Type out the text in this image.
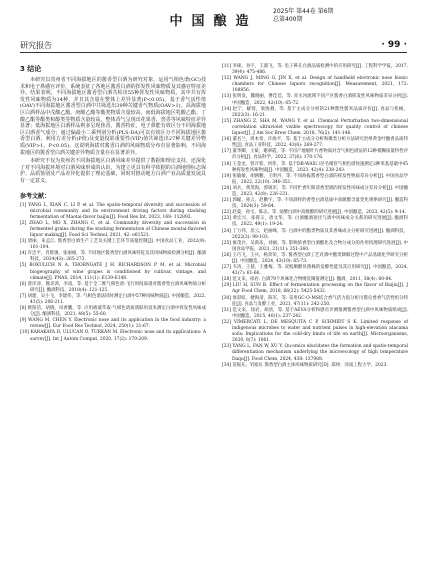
研究报告
中国酿造
2025年 第44卷 第6期
总第400期
· 99 ·
3 结论

本研究以贵州省不同海拔地区的酱香型白酒为研究对象，运用气相色谱(GC)技术和电子鼻感官评价，系统表征了各地区酱香白酒的挥发性风味物质及其感官特征差异。结果表明，不同海拔地区酱香型白酒共检出55种挥发性风味物质，其中共有挥发性风味物质为14种，并且其含量在整体上差异显著(P<0.05)。基于香气活性值(OAV)不同海拔地区酱香型白酒中共筛选出39种关键香气物质(OAV>1)。高海拔地区白酒样品中戊酸乙酯、庚酸乙酯等酯类物质含量较高，而低海拔地区乳酸乙酯、丁酸乙酯等酯类和醇类等物质含量较高。整体香气呈现出花果香、窖香等风味特征差异显著；低海拔地区白酒样品则多呈现焦香、酱香特征。电子鼻能有效区分不同海拔地区白酒香气成分；通过偏最小二乘判别分析(PLS-DA)可以有效区分不同海拔地区酱香型白酒，利用方差分析(P值)及变量投影重要性(VIP)值共筛选出27种关键差异物质(VIP>1，P<0.05)。这说明海拔对酱香白酒的风味物质分布有显著影响，不同海拔地区的酱香型白酒关键差异物质含量存在显著差异。

本研究不仅为贵州省不同海拔地区白酒风味差异提供了数据和理论支持，还深化了对不同海拔环境对白酒风味形成的认识，为建立更具有科学依据的白酒地理标志保护、品质鉴别及产品差异化提供了理论基础，同时对推动地方白酒产业高质量发展具有一定意义。

参考文献：
[1] YANG L, XIAN C, LI P, et al. The spatio-temporal diversity and succession of microbial community and its environment driving factors during stacking fermentation of Maotai-flavor baijiu[J]. Food Res Int, 2023, 169: 112892.
[2] ZHAO L, MO X, ZHANG C, et al. Community diversity and succession in fermented grains during the stacking fermentation of Chinese moutai-flavored liquor making[J]. Food Sci Technol, 2021, 42: e61521.
[3] 唐丽，朱孟江. 酱香型白酒生产工艺及关键工艺环节质量控制[J]. 中国食品工业，2022(9): 101-104.
[4] 许忠平，肖辉强，张丽丽，等. 不同地区酱香型白酒风味特征及其风味物质检测分析[J]. 酿酒科技，2024(43): 265-273.
[5] BOKULICH N A, THORNGATE J H, RICHARDSON P M, et al. Microbial biogeography of wine grapes is conditioned by cultivar, vintage, and climate[J]. PNAS, 2014, 111(1): E139-E148.
[6] 唐洋涛，熊炎鸿，李南，等. 基于全二维气相色谱-飞行时间质谱对酱香型白酒风味物质分析研究[J]. 酿酒科技，2018(4): 121-125.
[7] 胡建，吴小飞，李建伟，等. 气相色谱法同时测定白酒中57种风味物质[J]. 中国酿造，2022, 41(5): 206-211.
[8] 欧阳洁，胡晓，凤香鹏，等. 应用液液萃取-气相色谱质谱联用技术测定白酒中挥发性风味成分[J]. 酿酒科技，2021, 48(5): 55-60.
[9] WANG M, CHEN Y. Electronic nose and its application in the food industry: a review[J]. Eur Food Res Technol, 2024, 250(1): 21-67.
[10] KARAKAYA D, ULUCAN O, TURKAN M. Electronic nose and its applications: A survey[J]. Int J Autom Comput, 2020, 17(2): 179-209.
[11] 李硕，谷宇，王淑飞，等. 电子鼻在白酒品质检测中的应用研究[J]. 工程科学学报，2017, 39(4): 475-486.
[12] WANG J, MING G, JIN X, et al. Design of handheld electronic nose bionic chambers for Chinese liquors recognition[J]. Measurement, 2021, 172: 108856.
[13] 张明发，魏晓丽，曹佳佳，等. 赤水河流域不同产区酱香白酒挥发性风味物质差异分析[J]. 中国酿造，2022, 42(10): 65-72.
[14] 赵宁，解蓉，梁海燕，等. 基于主成分分析的21种酱性酱米品质评价[J]. 食品与机械，2022(3): 16-21.
[15] ZHANG Z, SHA M, WANG Y, et al. Chemical Perturbation two-dimensional correlation ultraviolet visible spectroscopy for quality control of chinese liquor[J]. J Am Soc Brew Chem, 2018, 76(2): 141-146.
[16] 董名兰，周本奏，许海平，等. 基于主成分分析和聚类分析方法研究贵州黄金叶酿香品质特性[J]. 食品工业科技，2022, 43(6): 269-277.
[17] 董华卿，王斌，谢翠霞，等. 不同产地烟叶片香物质对含气相色谱法的12种模糊质量特性评价分析[J]. 食品科学，2022, 37(6): 170-176.
[18] 王金龙，曾开蓉，何伟，等. 基于DB-WAX口径毛细管气相色谱快速测定2种苯基基础中45种挥发性风味物质[J]. 中国酿造，2023, 42(4): 238-243.
[19] 张敏敏，胡鸥鹏，王明丹，等. 不同海拔酱香型白酒的挥发性物质差异分析[J]. 中国食品学报，2022, 22(10): 340-351.
[20] 刘兵，黄茂海，郭锐军，等. 不同贮香年限清香型酒的挥发性风味成分差异分析[J]. 中国酿造，2023, 42(8): 226-231.
[21] 郭嵘，孙云，赵鹏宇，等. 不同酒样的香型白酒基质中高级醇含量变化规律研究[J]. 酿造科技，2024(3): 59-64.
[22] 赵曼，孙宝，陈志，等. 发酵白酒中高级醇的研究进展[J]. 中国酿造，2023, 42(5): 9-14.
[23] 黄宏兴，张孫义，唐文华，等. 白酒酿酒途径与酒中风味成分关系的研究进展[J]. 酿酒科技，2022, 49(1): 19-24.
[24] 丁力伟，房云，赵丽峰，等. 白酒中的酯类物质及其香味成分分析研究进展[J]. 酿酒科技，2022(3): 99-103.
[25] 雍茂兵，吴新乐，刘丽，等. 影响浓香型白酒酯化及合物分成分的作用机理研究进展[J]. 中国食品学报，2021, 21(11): 351-360.
[26] 王巧飞，王兵，杨荣荣，等. 酱香型白酒工艺对酒中酯类降解过程中产品基础化学研究分析[J]. 中国酿造，2024, 43(10): 65-73.
[27] 韦涛，王猜，王雅梅，等. 双岐顺酵母菌株的发酵性能及其应用研究[J]. 中国酿造，2024, 43(7): 61-66.
[28] 范文来，徐岩. 白酒79个风味化合物嗅觉阈值测定[J]. 酿酒，2011, 38(4): 80-84.
[29] LIU H, SUN B. Effect of fermentation processing on the flavor of Baijiu[J]. J Agr Food Chem, 2018, 66(22): 5425-5432.
[30] 詹彩虹，楼海清，陈军，等. 采用GC-O-MS结合香气活力值分析川酱兑香香气活性组分特征[J]. 食品与发酵工业，2021, 47(11): 242-250.
[31] 范文来，徐岩，胡清，等. 基于AEVA分析和感官评测推测酱香型白酒中风味物质组成[J]. 中国酿造，2015, 40(1): 237-242.
[32] VIMERCATI L, DE MESQUITA C P, SCHMIDT S K. Limited response of indigenous microbes to water and nutrient pulses in high-elevation atacama soils: Implications for the cold-dry limits of life on earth[J]. Microorganisms, 2020, 8(7): 1061.
[33] YANG L, FAN W, XU Y. Qu-omics elucidates the formation and spatio-temporal differentiation mechanism underlying the microecology of high temperature Daqu[J]. Food Chem, 2024, 438: 137988.
[34] 苗振东，Y国国. 酱香型白酒主体风味物质研究[D]. 郑州：河南工程大学，2023.
